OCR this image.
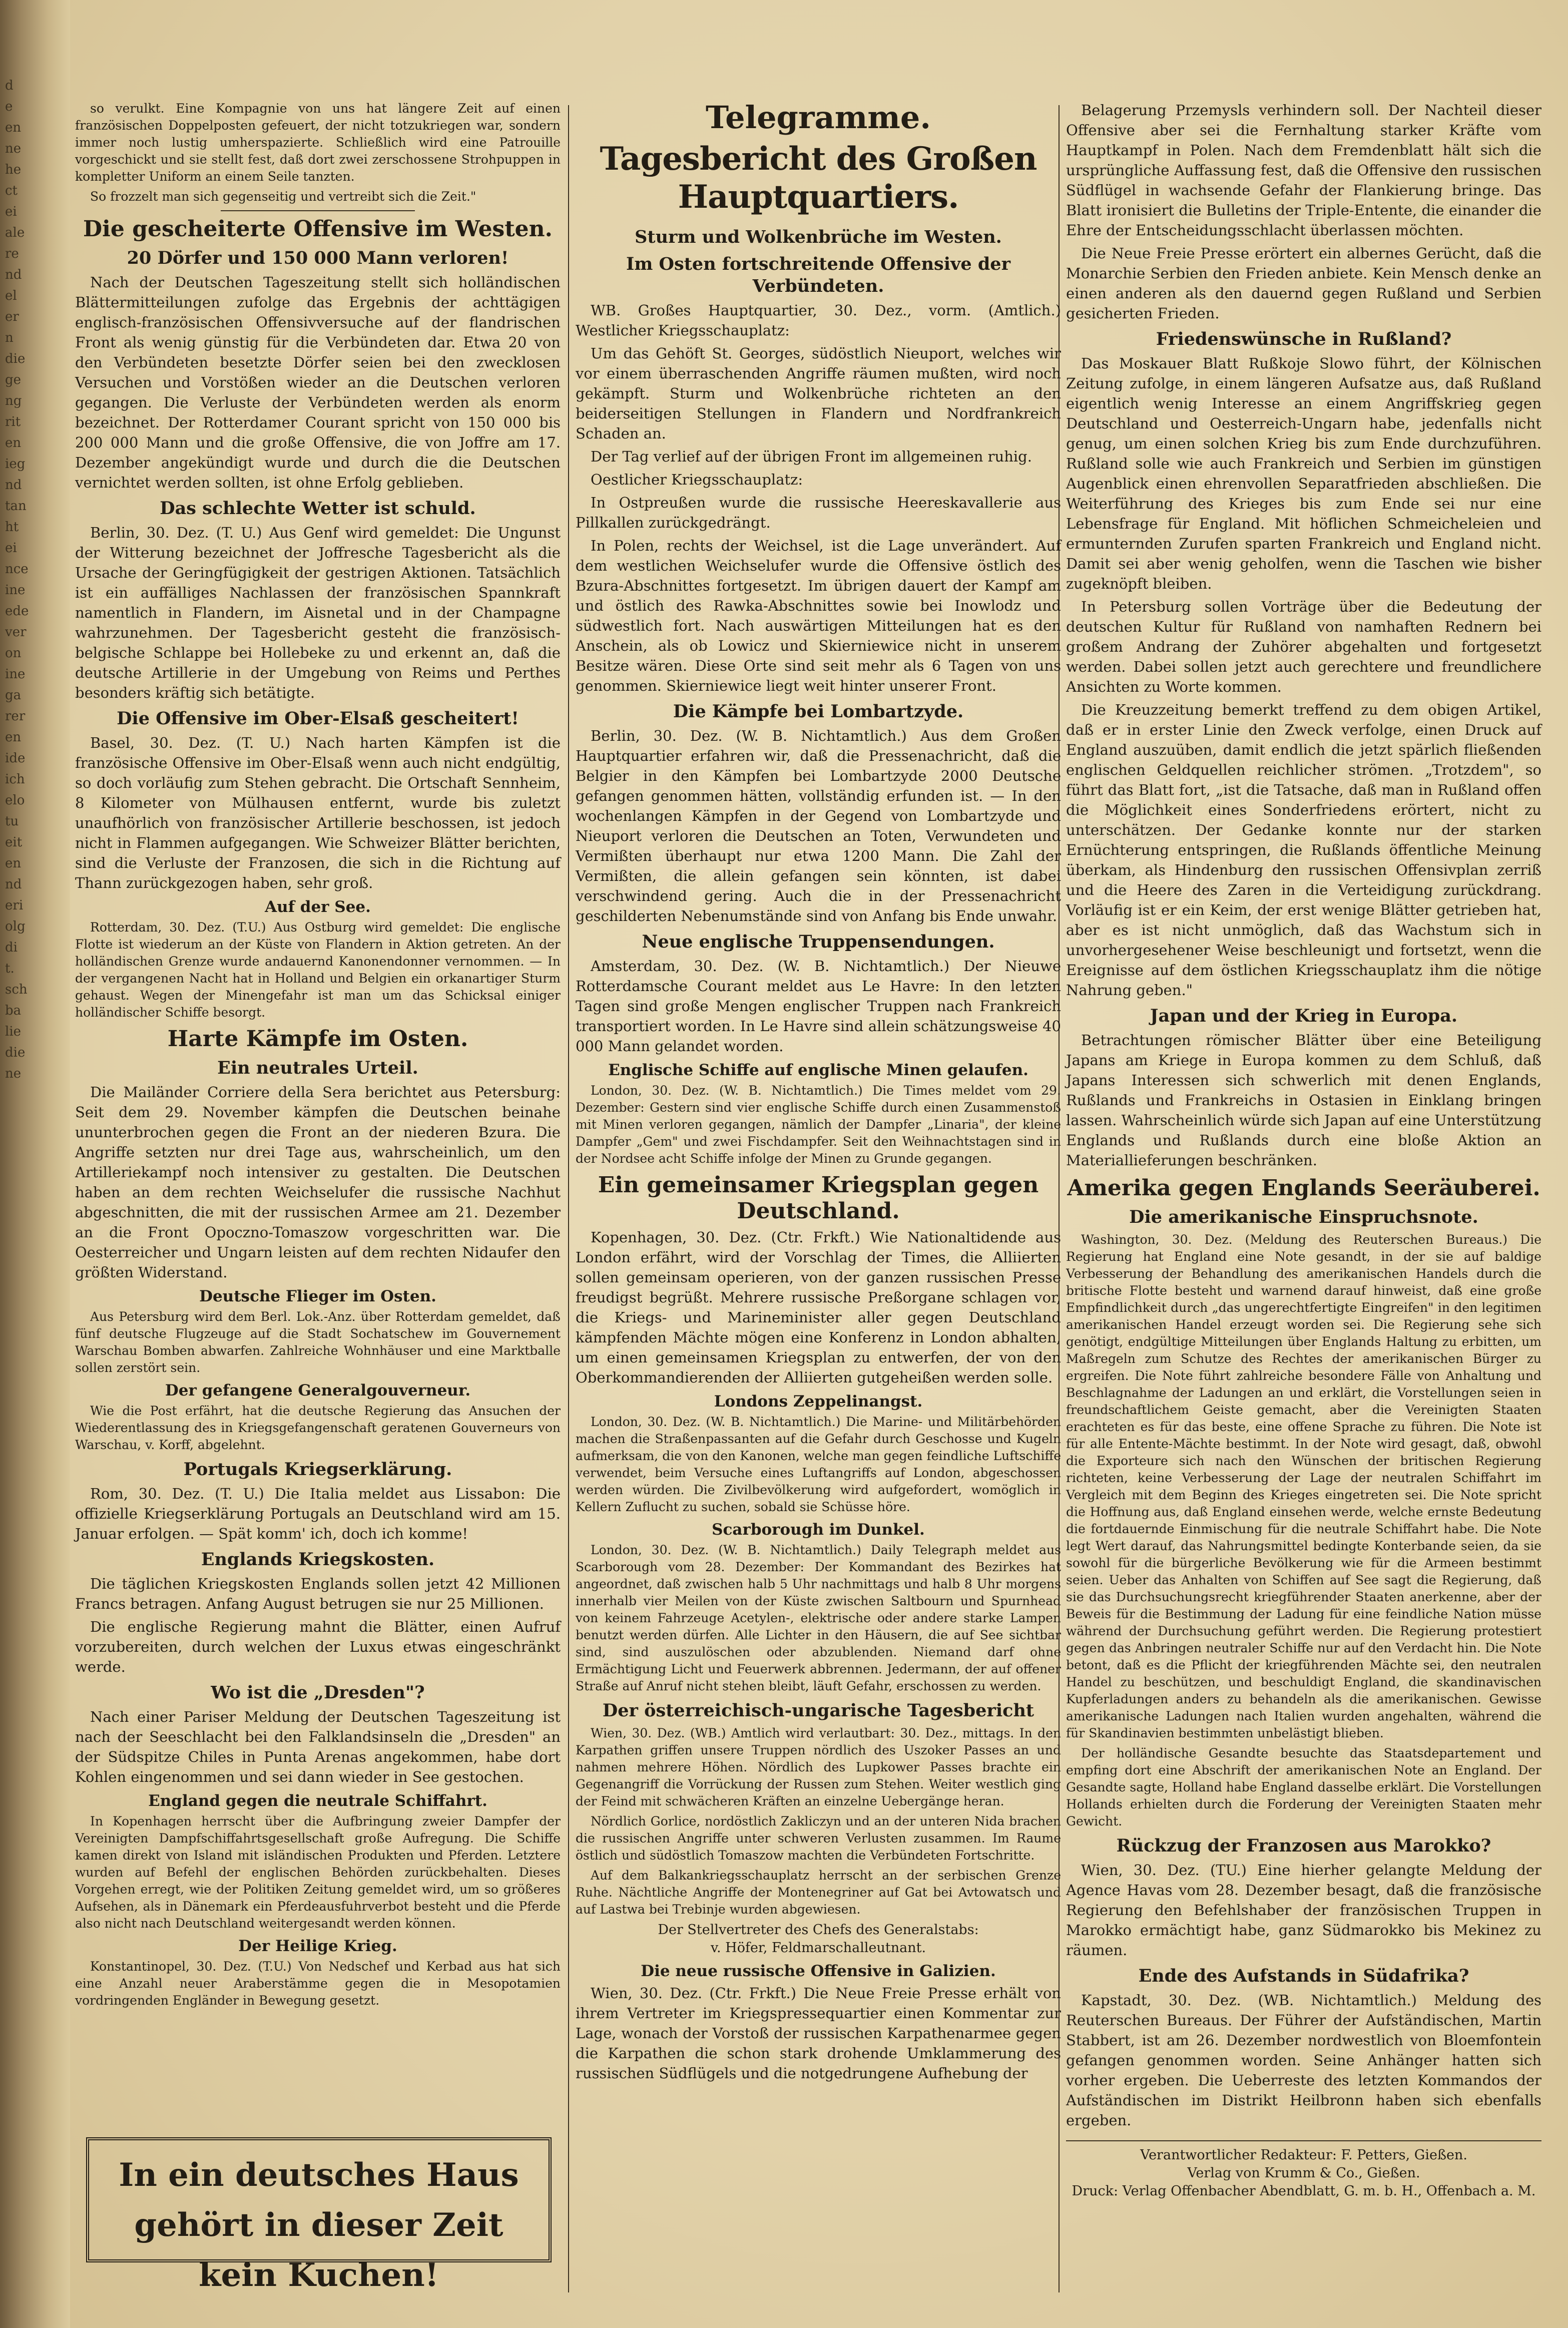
d
e
en
ne
he
ct
ei
ale
re
nd
el
er
n
die
ge
ng
rit
en
ieg
nd
tan
ht
ei
nce
ine
ede
ver
on
ine
ga
rer
en
ide
ich
elo
tu
eit
en
nd
eri
olg
di
t.
sch
ba
lie
die
ne

so verulkt. Eine Kompagnie von uns hat längere Zeit auf einen französischen Doppelposten gefeuert, der nicht totzukriegen war, sondern immer noch lustig umherspazierte. Schließlich wird eine Patrouille vorgeschickt und sie stellt fest, daß dort zwei zerschossene Strohpuppen in kompletter Uniform an einem Seile tanzten.

So frozzelt man sich gegenseitig und vertreibt sich die Zeit."

Die gescheiterte Offensive im Westen.
20 Dörfer und 150 000 Mann verloren!

Nach der Deutschen Tageszeitung stellt sich holländischen Blättermitteilungen zufolge das Ergebnis der achttägigen englisch-französischen Offensivversuche auf der flandrischen Front als wenig günstig für die Verbündeten dar. Etwa 20 von den Verbündeten besetzte Dörfer seien bei den zwecklosen Versuchen und Vorstößen wieder an die Deutschen verloren gegangen. Die Verluste der Verbündeten werden als enorm bezeichnet. Der Rotterdamer Courant spricht von 150 000 bis 200 000 Mann und die große Offensive, die von Joffre am 17. Dezember angekündigt wurde und durch die die Deutschen vernichtet werden sollten, ist ohne Erfolg geblieben.

Das schlechte Wetter ist schuld.

Berlin, 30. Dez. (T. U.) Aus Genf wird gemeldet: Die Ungunst der Witterung bezeichnet der Joffresche Tagesbericht als die Ursache der Geringfügigkeit der gestrigen Aktionen. Tatsächlich ist ein auffälliges Nachlassen der französischen Spannkraft namentlich in Flandern, im Aisnetal und in der Champagne wahrzunehmen. Der Tagesbericht gesteht die französisch-belgische Schlappe bei Hollebeke zu und erkennt an, daß die deutsche Artillerie in der Umgebung von Reims und Perthes besonders kräftig sich betätigte.

Die Offensive im Ober-Elsaß gescheitert!

Basel, 30. Dez. (T. U.) Nach harten Kämpfen ist die französische Offensive im Ober-Elsaß wenn auch nicht endgültig, so doch vorläufig zum Stehen gebracht. Die Ortschaft Sennheim, 8 Kilometer von Mülhausen entfernt, wurde bis zuletzt unaufhörlich von französischer Artillerie beschossen, ist jedoch nicht in Flammen aufgegangen. Wie Schweizer Blätter berichten, sind die Verluste der Franzosen, die sich in die Richtung auf Thann zurückgezogen haben, sehr groß.

Auf der See.

Rotterdam, 30. Dez. (T.U.) Aus Ostburg wird gemeldet: Die englische Flotte ist wiederum an der Küste von Flandern in Aktion getreten. An der holländischen Grenze wurde andauernd Kanonendonner vernommen. — In der vergangenen Nacht hat in Holland und Belgien ein orkanartiger Sturm gehaust. Wegen der Minengefahr ist man um das Schicksal einiger holländischer Schiffe besorgt.

Harte Kämpfe im Osten.
Ein neutrales Urteil.

Die Mailänder Corriere della Sera berichtet aus Petersburg: Seit dem 29. November kämpfen die Deutschen beinahe ununterbrochen gegen die Front an der niederen Bzura. Die Angriffe setzten nur drei Tage aus, wahrscheinlich, um den Artilleriekampf noch intensiver zu gestalten. Die Deutschen haben an dem rechten Weichselufer die russische Nachhut abgeschnitten, die mit der russischen Armee am 21. Dezember an die Front Opoczno-Tomaszow vorgeschritten war. Die Oesterreicher und Ungarn leisten auf dem rechten Nidaufer den größten Widerstand.

Deutsche Flieger im Osten.

Aus Petersburg wird dem Berl. Lok.-Anz. über Rotterdam gemeldet, daß fünf deutsche Flugzeuge auf die Stadt Sochatschew im Gouvernement Warschau Bomben abwarfen. Zahlreiche Wohnhäuser und eine Marktballe sollen zerstört sein.

Der gefangene Generalgouverneur.

Wie die Post erfährt, hat die deutsche Regierung das Ansuchen der Wiederentlassung des in Kriegsgefangenschaft geratenen Gouverneurs von Warschau, v. Korff, abgelehnt.

Portugals Kriegserklärung.

Rom, 30. Dez. (T. U.) Die Italia meldet aus Lissabon: Die offizielle Kriegserklärung Portugals an Deutschland wird am 15. Januar erfolgen. — Spät komm' ich, doch ich komme!

Englands Kriegskosten.

Die täglichen Kriegskosten Englands sollen jetzt 42 Millionen Francs betragen. Anfang August betrugen sie nur 25 Millionen.

Die englische Regierung mahnt die Blätter, einen Aufruf vorzubereiten, durch welchen der Luxus etwas eingeschränkt werde.

Wo ist die „Dresden"?

Nach einer Pariser Meldung der Deutschen Tageszeitung ist nach der Seeschlacht bei den Falklandsinseln die „Dresden" an der Südspitze Chiles in Punta Arenas angekommen, habe dort Kohlen eingenommen und sei dann wieder in See gestochen.

England gegen die neutrale Schiffahrt.

In Kopenhagen herrscht über die Aufbringung zweier Dampfer der Vereinigten Dampfschiffahrtsgesellschaft große Aufregung. Die Schiffe kamen direkt von Island mit isländischen Produkten und Pferden. Letztere wurden auf Befehl der englischen Behörden zurückbehalten. Dieses Vorgehen erregt, wie der Politiken Zeitung gemeldet wird, um so größeres Aufsehen, als in Dänemark ein Pferdeausfuhrverbot besteht und die Pferde also nicht nach Deutschland weitergesandt werden können.

Der Heilige Krieg.

Konstantinopel, 30. Dez. (T.U.) Von Nedschef und Kerbad aus hat sich eine Anzahl neuer Araberstämme gegen die in Mesopotamien vordringenden Engländer in Bewegung gesetzt.

In ein deutsches Haus gehört in dieser Zeit kein Kuchen!
Telegramme.
Tagesbericht des Großen Hauptquartiers.
Sturm und Wolkenbrüche im Westen.
Im Osten fortschreitende Offensive der Verbündeten.

WB. Großes Hauptquartier, 30. Dez., vorm. (Amtlich.) Westlicher Kriegsschauplatz:

Um das Gehöft St. Georges, südöstlich Nieuport, welches wir vor einem überraschenden Angriffe räumen mußten, wird noch gekämpft. Sturm und Wolkenbrüche richteten an den beiderseitigen Stellungen in Flandern und Nordfrankreich Schaden an.

Der Tag verlief auf der übrigen Front im allgemeinen ruhig.

Oestlicher Kriegsschauplatz:

In Ostpreußen wurde die russische Heereskavallerie aus Pillkallen zurückgedrängt.

In Polen, rechts der Weichsel, ist die Lage unverändert. Auf dem westlichen Weichselufer wurde die Offensive östlich des Bzura-Abschnittes fortgesetzt. Im übrigen dauert der Kampf am und östlich des Rawka-Abschnittes sowie bei Inowlodz und südwestlich fort. Nach auswärtigen Mitteilungen hat es den Anschein, als ob Lowicz und Skierniewice nicht in unserem Besitze wären. Diese Orte sind seit mehr als 6 Tagen von uns genommen. Skierniewice liegt weit hinter unserer Front.

Die Kämpfe bei Lombartzyde.

Berlin, 30. Dez. (W. B. Nichtamtlich.) Aus dem Großen Hauptquartier erfahren wir, daß die Pressenachricht, daß die Belgier in den Kämpfen bei Lombartzyde 2000 Deutsche gefangen genommen hätten, vollständig erfunden ist. — In den wochenlangen Kämpfen in der Gegend von Lombartzyde und Nieuport verloren die Deutschen an Toten, Verwundeten und Vermißten überhaupt nur etwa 1200 Mann. Die Zahl der Vermißten, die allein gefangen sein könnten, ist dabei verschwindend gering. Auch die in der Pressenachricht geschilderten Nebenumstände sind von Anfang bis Ende unwahr.

Neue englische Truppensendungen.

Amsterdam, 30. Dez. (W. B. Nichtamtlich.) Der Nieuwe Rotterdamsche Courant meldet aus Le Havre: In den letzten Tagen sind große Mengen englischer Truppen nach Frankreich transportiert worden. In Le Havre sind allein schätzungsweise 40 000 Mann gelandet worden.

Englische Schiffe auf englische Minen gelaufen.

London, 30. Dez. (W. B. Nichtamtlich.) Die Times meldet vom 29. Dezember: Gestern sind vier englische Schiffe durch einen Zusammenstoß mit Minen verloren gegangen, nämlich der Dampfer „Linaria", der kleine Dampfer „Gem" und zwei Fischdampfer. Seit den Weihnachtstagen sind in der Nordsee acht Schiffe infolge der Minen zu Grunde gegangen.

Ein gemeinsamer Kriegsplan gegen Deutschland.

Kopenhagen, 30. Dez. (Ctr. Frkft.) Wie Nationaltidende aus London erfährt, wird der Vorschlag der Times, die Alliierten sollen gemeinsam operieren, von der ganzen russischen Presse freudigst begrüßt. Mehrere russische Preßorgane schlagen vor, die Kriegs- und Marineminister aller gegen Deutschland kämpfenden Mächte mögen eine Konferenz in London abhalten, um einen gemeinsamen Kriegsplan zu entwerfen, der von den Oberkommandierenden der Alliierten gutgeheißen werden solle.

Londons Zeppelinangst.

London, 30. Dez. (W. B. Nichtamtlich.) Die Marine- und Militärbehörden machen die Straßenpassanten auf die Gefahr durch Geschosse und Kugeln aufmerksam, die von den Kanonen, welche man gegen feindliche Luftschiffe verwendet, beim Versuche eines Luftangriffs auf London, abgeschossen werden würden. Die Zivilbevölkerung wird aufgefordert, womöglich in Kellern Zuflucht zu suchen, sobald sie Schüsse höre.

Scarborough im Dunkel.

London, 30. Dez. (W. B. Nichtamtlich.) Daily Telegraph meldet aus Scarborough vom 28. Dezember: Der Kommandant des Bezirkes hat angeordnet, daß zwischen halb 5 Uhr nachmittags und halb 8 Uhr morgens innerhalb vier Meilen von der Küste zwischen Saltbourn und Spurnhead von keinem Fahrzeuge Acetylen-, elektrische oder andere starke Lampen benutzt werden dürfen. Alle Lichter in den Häusern, die auf See sichtbar sind, sind auszulöschen oder abzublenden. Niemand darf ohne Ermächtigung Licht und Feuerwerk abbrennen. Jedermann, der auf offener Straße auf Anruf nicht stehen bleibt, läuft Gefahr, erschossen zu werden.

Der österreichisch-ungarische Tagesbericht

Wien, 30. Dez. (WB.) Amtlich wird verlautbart: 30. Dez., mittags. In den Karpathen griffen unsere Truppen nördlich des Uszoker Passes an und nahmen mehrere Höhen. Nördlich des Lupkower Passes brachte ein Gegenangriff die Vorrückung der Russen zum Stehen. Weiter westlich ging der Feind mit schwächeren Kräften an einzelne Uebergänge heran.

Nördlich Gorlice, nordöstlich Zakliczyn und an der unteren Nida brachen die russischen Angriffe unter schweren Verlusten zusammen. Im Raume östlich und südöstlich Tomaszow machten die Verbündeten Fortschritte.

Auf dem Balkankriegsschauplatz herrscht an der serbischen Grenze Ruhe. Nächtliche Angriffe der Montenegriner auf Gat bei Avtowatsch und auf Lastwa bei Trebinje wurden abgewiesen.

Der Stellvertreter des Chefs des Generalstabs:

v. Höfer, Feldmarschalleutnant.

Die neue russische Offensive in Galizien.

Wien, 30. Dez. (Ctr. Frkft.) Die Neue Freie Presse erhält von ihrem Vertreter im Kriegspressequartier einen Kommentar zur Lage, wonach der Vorstoß der russischen Karpathenarmee gegen die Karpathen die schon stark drohende Umklammerung des russischen Südflügels und die notgedrungene Aufhebung der

Belagerung Przemysls verhindern soll. Der Nachteil dieser Offensive aber sei die Fernhaltung starker Kräfte vom Hauptkampf in Polen. Nach dem Fremdenblatt hält sich die ursprüngliche Auffassung fest, daß die Offensive den russischen Südflügel in wachsende Gefahr der Flankierung bringe. Das Blatt ironisiert die Bulletins der Triple-Entente, die einander die Ehre der Entscheidungsschlacht überlassen möchten.

Die Neue Freie Presse erörtert ein albernes Gerücht, daß die Monarchie Serbien den Frieden anbiete. Kein Mensch denke an einen anderen als den dauernd gegen Rußland und Serbien gesicherten Frieden.

Friedenswünsche in Rußland?

Das Moskauer Blatt Rußkoje Slowo führt, der Kölnischen Zeitung zufolge, in einem längeren Aufsatze aus, daß Rußland eigentlich wenig Interesse an einem Angriffskrieg gegen Deutschland und Oesterreich-Ungarn habe, jedenfalls nicht genug, um einen solchen Krieg bis zum Ende durchzuführen. Rußland solle wie auch Frankreich und Serbien im günstigen Augenblick einen ehrenvollen Separatfrieden abschließen. Die Weiterführung des Krieges bis zum Ende sei nur eine Lebensfrage für England. Mit höflichen Schmeicheleien und ermunternden Zurufen sparten Frankreich und England nicht. Damit sei aber wenig geholfen, wenn die Taschen wie bisher zugeknöpft bleiben.

In Petersburg sollen Vorträge über die Bedeutung der deutschen Kultur für Rußland von namhaften Rednern bei großem Andrang der Zuhörer abgehalten und fortgesetzt werden. Dabei sollen jetzt auch gerechtere und freundlichere Ansichten zu Worte kommen.

Die Kreuzzeitung bemerkt treffend zu dem obigen Artikel, daß er in erster Linie den Zweck verfolge, einen Druck auf England auszuüben, damit endlich die jetzt spärlich fließenden englischen Geldquellen reichlicher strömen. „Trotzdem", so führt das Blatt fort, „ist die Tatsache, daß man in Rußland offen die Möglichkeit eines Sonderfriedens erörtert, nicht zu unterschätzen. Der Gedanke konnte nur der starken Ernüchterung entspringen, die Rußlands öffentliche Meinung überkam, als Hindenburg den russischen Offensivplan zerriß und die Heere des Zaren in die Verteidigung zurückdrang. Vorläufig ist er ein Keim, der erst wenige Blätter getrieben hat, aber es ist nicht unmöglich, daß das Wachstum sich in unvorhergesehener Weise beschleunigt und fortsetzt, wenn die Ereignisse auf dem östlichen Kriegsschauplatz ihm die nötige Nahrung geben."

Japan und der Krieg in Europa.

Betrachtungen römischer Blätter über eine Beteiligung Japans am Kriege in Europa kommen zu dem Schluß, daß Japans Interessen sich schwerlich mit denen Englands, Rußlands und Frankreichs in Ostasien in Einklang bringen lassen. Wahrscheinlich würde sich Japan auf eine Unterstützung Englands und Rußlands durch eine bloße Aktion an Materiallieferungen beschränken.

Amerika gegen Englands Seeräuberei.
Die amerikanische Einspruchsnote.

Washington, 30. Dez. (Meldung des Reuterschen Bureaus.) Die Regierung hat England eine Note gesandt, in der sie auf baldige Verbesserung der Behandlung des amerikanischen Handels durch die britische Flotte besteht und warnend darauf hinweist, daß eine große Empfindlichkeit durch „das ungerechtfertigte Eingreifen" in den legitimen amerikanischen Handel erzeugt worden sei. Die Regierung sehe sich genötigt, endgültige Mitteilungen über Englands Haltung zu erbitten, um Maßregeln zum Schutze des Rechtes der amerikanischen Bürger zu ergreifen. Die Note führt zahlreiche besondere Fälle von Anhaltung und Beschlagnahme der Ladungen an und erklärt, die Vorstellungen seien in freundschaftlichem Geiste gemacht, aber die Vereinigten Staaten erachteten es für das beste, eine offene Sprache zu führen. Die Note ist für alle Entente-Mächte bestimmt. In der Note wird gesagt, daß, obwohl die Exporteure sich nach den Wünschen der britischen Regierung richteten, keine Verbesserung der Lage der neutralen Schiffahrt im Vergleich mit dem Beginn des Krieges eingetreten sei. Die Note spricht die Hoffnung aus, daß England einsehen werde, welche ernste Bedeutung die fortdauernde Einmischung für die neutrale Schiffahrt habe. Die Note legt Wert darauf, das Nahrungsmittel bedingte Konterbande seien, da sie sowohl für die bürgerliche Bevölkerung wie für die Armeen bestimmt seien. Ueber das Anhalten von Schiffen auf See sagt die Regierung, daß sie das Durchsuchungsrecht kriegführender Staaten anerkenne, aber der Beweis für die Bestimmung der Ladung für eine feindliche Nation müsse während der Durchsuchung geführt werden. Die Regierung protestiert gegen das Anbringen neutraler Schiffe nur auf den Verdacht hin. Die Note betont, daß es die Pflicht der kriegführenden Mächte sei, den neutralen Handel zu beschützen, und beschuldigt England, die skandinavischen Kupferladungen anders zu behandeln als die amerikanischen. Gewisse amerikanische Ladungen nach Italien wurden angehalten, während die für Skandinavien bestimmten unbelästigt blieben.

Der holländische Gesandte besuchte das Staatsdepartement und empfing dort eine Abschrift der amerikanischen Note an England. Der Gesandte sagte, Holland habe England dasselbe erklärt. Die Vorstellungen Hollands erhielten durch die Forderung der Vereinigten Staaten mehr Gewicht.

Rückzug der Franzosen aus Marokko?

Wien, 30. Dez. (TU.) Eine hierher gelangte Meldung der Agence Havas vom 28. Dezember besagt, daß die französische Regierung den Befehlshaber der französischen Truppen in Marokko ermächtigt habe, ganz Südmarokko bis Mekinez zu räumen.

Ende des Aufstands in Südafrika?

Kapstadt, 30. Dez. (WB. Nichtamtlich.) Meldung des Reuterschen Bureaus. Der Führer der Aufständischen, Martin Stabbert, ist am 26. Dezember nordwestlich von Bloemfontein gefangen genommen worden. Seine Anhänger hatten sich vorher ergeben. Die Ueberreste des letzten Kommandos der Aufständischen im Distrikt Heilbronn haben sich ebenfalls ergeben.

Verantwortlicher Redakteur: F. Petters, Gießen.

Verlag von Krumm & Co., Gießen.

Druck: Verlag Offenbacher Abendblatt, G. m. b. H., Offenbach a. M.
